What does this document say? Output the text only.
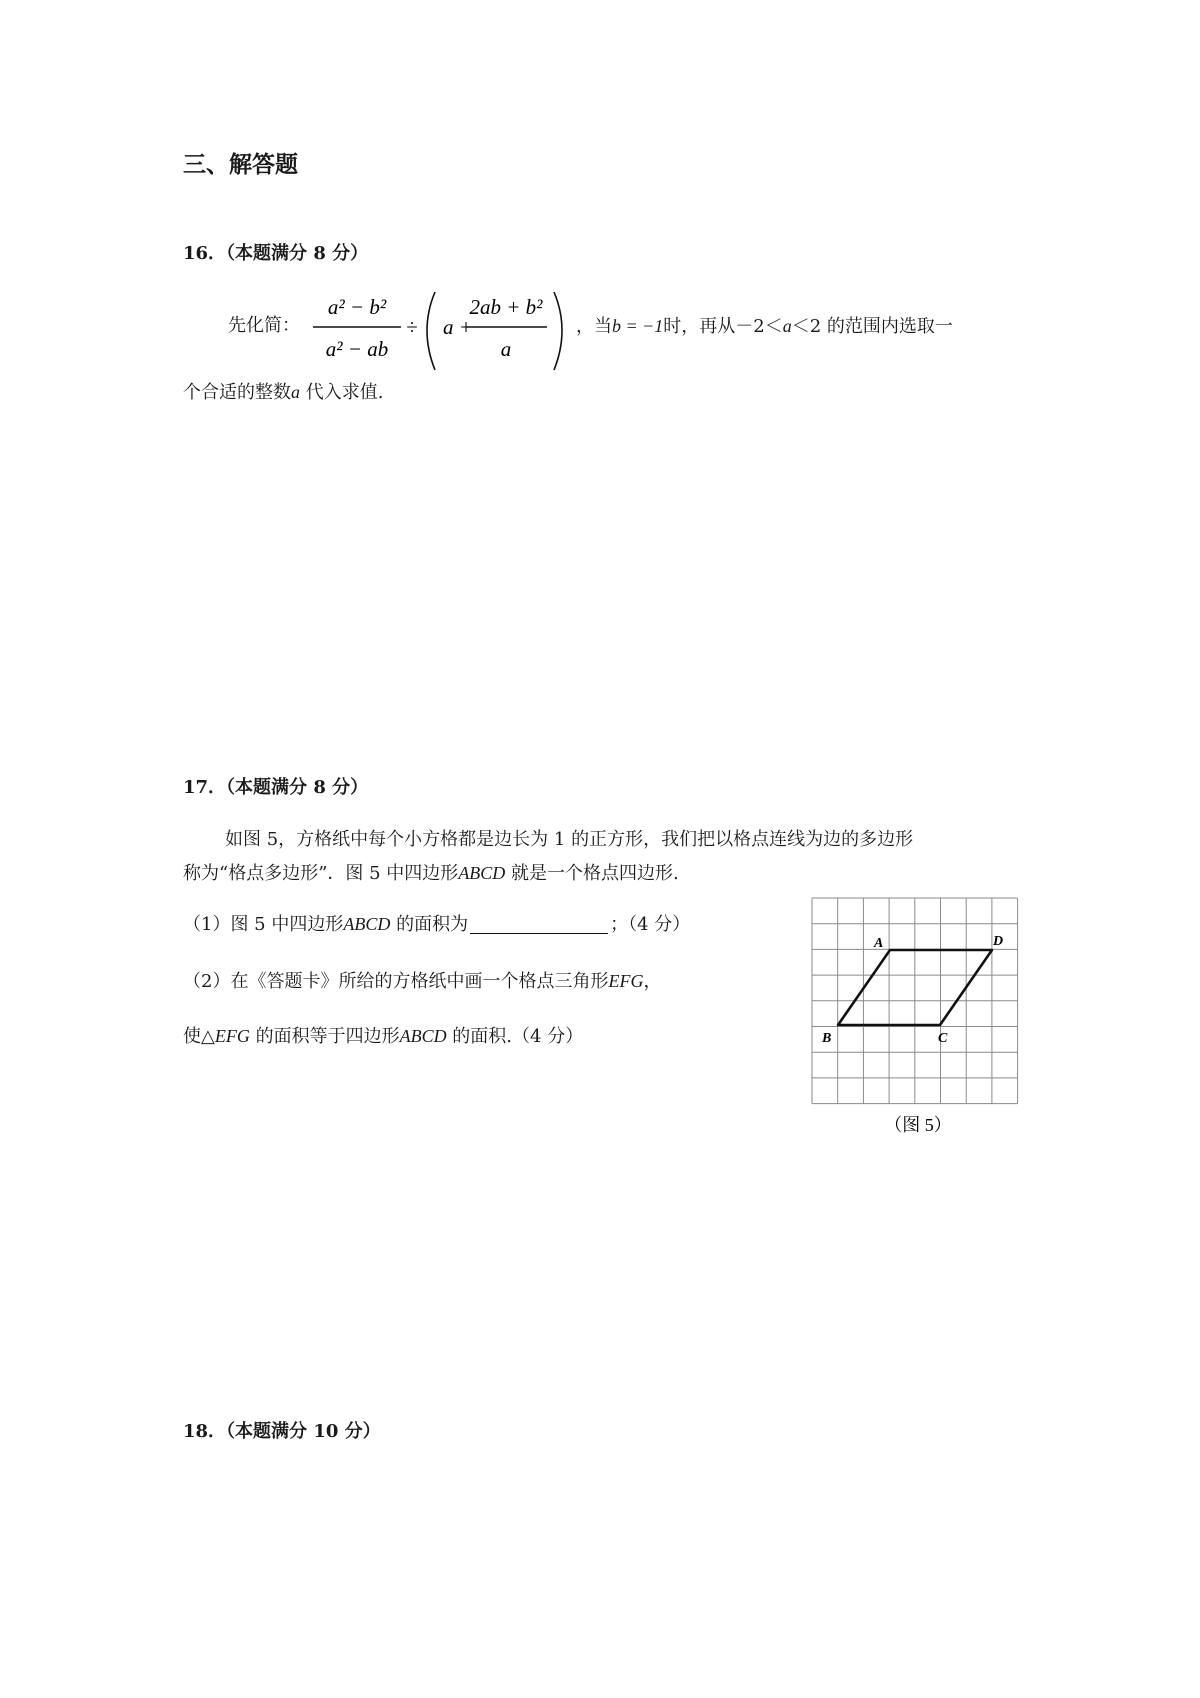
三、解答题
16．（本题满分 8 分）
先化简：
a² − b²
a² − ab
÷ a +
2ab + b²
a
，当b = −1时，再从－2＜a＜2 的范围内选取一
个合适的整数a 代入求值.
17．（本题满分 8 分）
如图 5，方格纸中每个小方格都是边长为 1 的正方形，我们把以格点连线为边的多边形
称为“格点多边形”．图 5 中四边形ABCD 就是一个格点四边形.
（1）图 5 中四边形ABCD 的面积为	；（4 分）
（2）在《答题卡》所给的方格纸中画一个格点三角形EFG，
使△EFG 的面积等于四边形ABCD 的面积.（4 分）
A	D
B	C
（图 5）
18．（本题满分 10 分）
